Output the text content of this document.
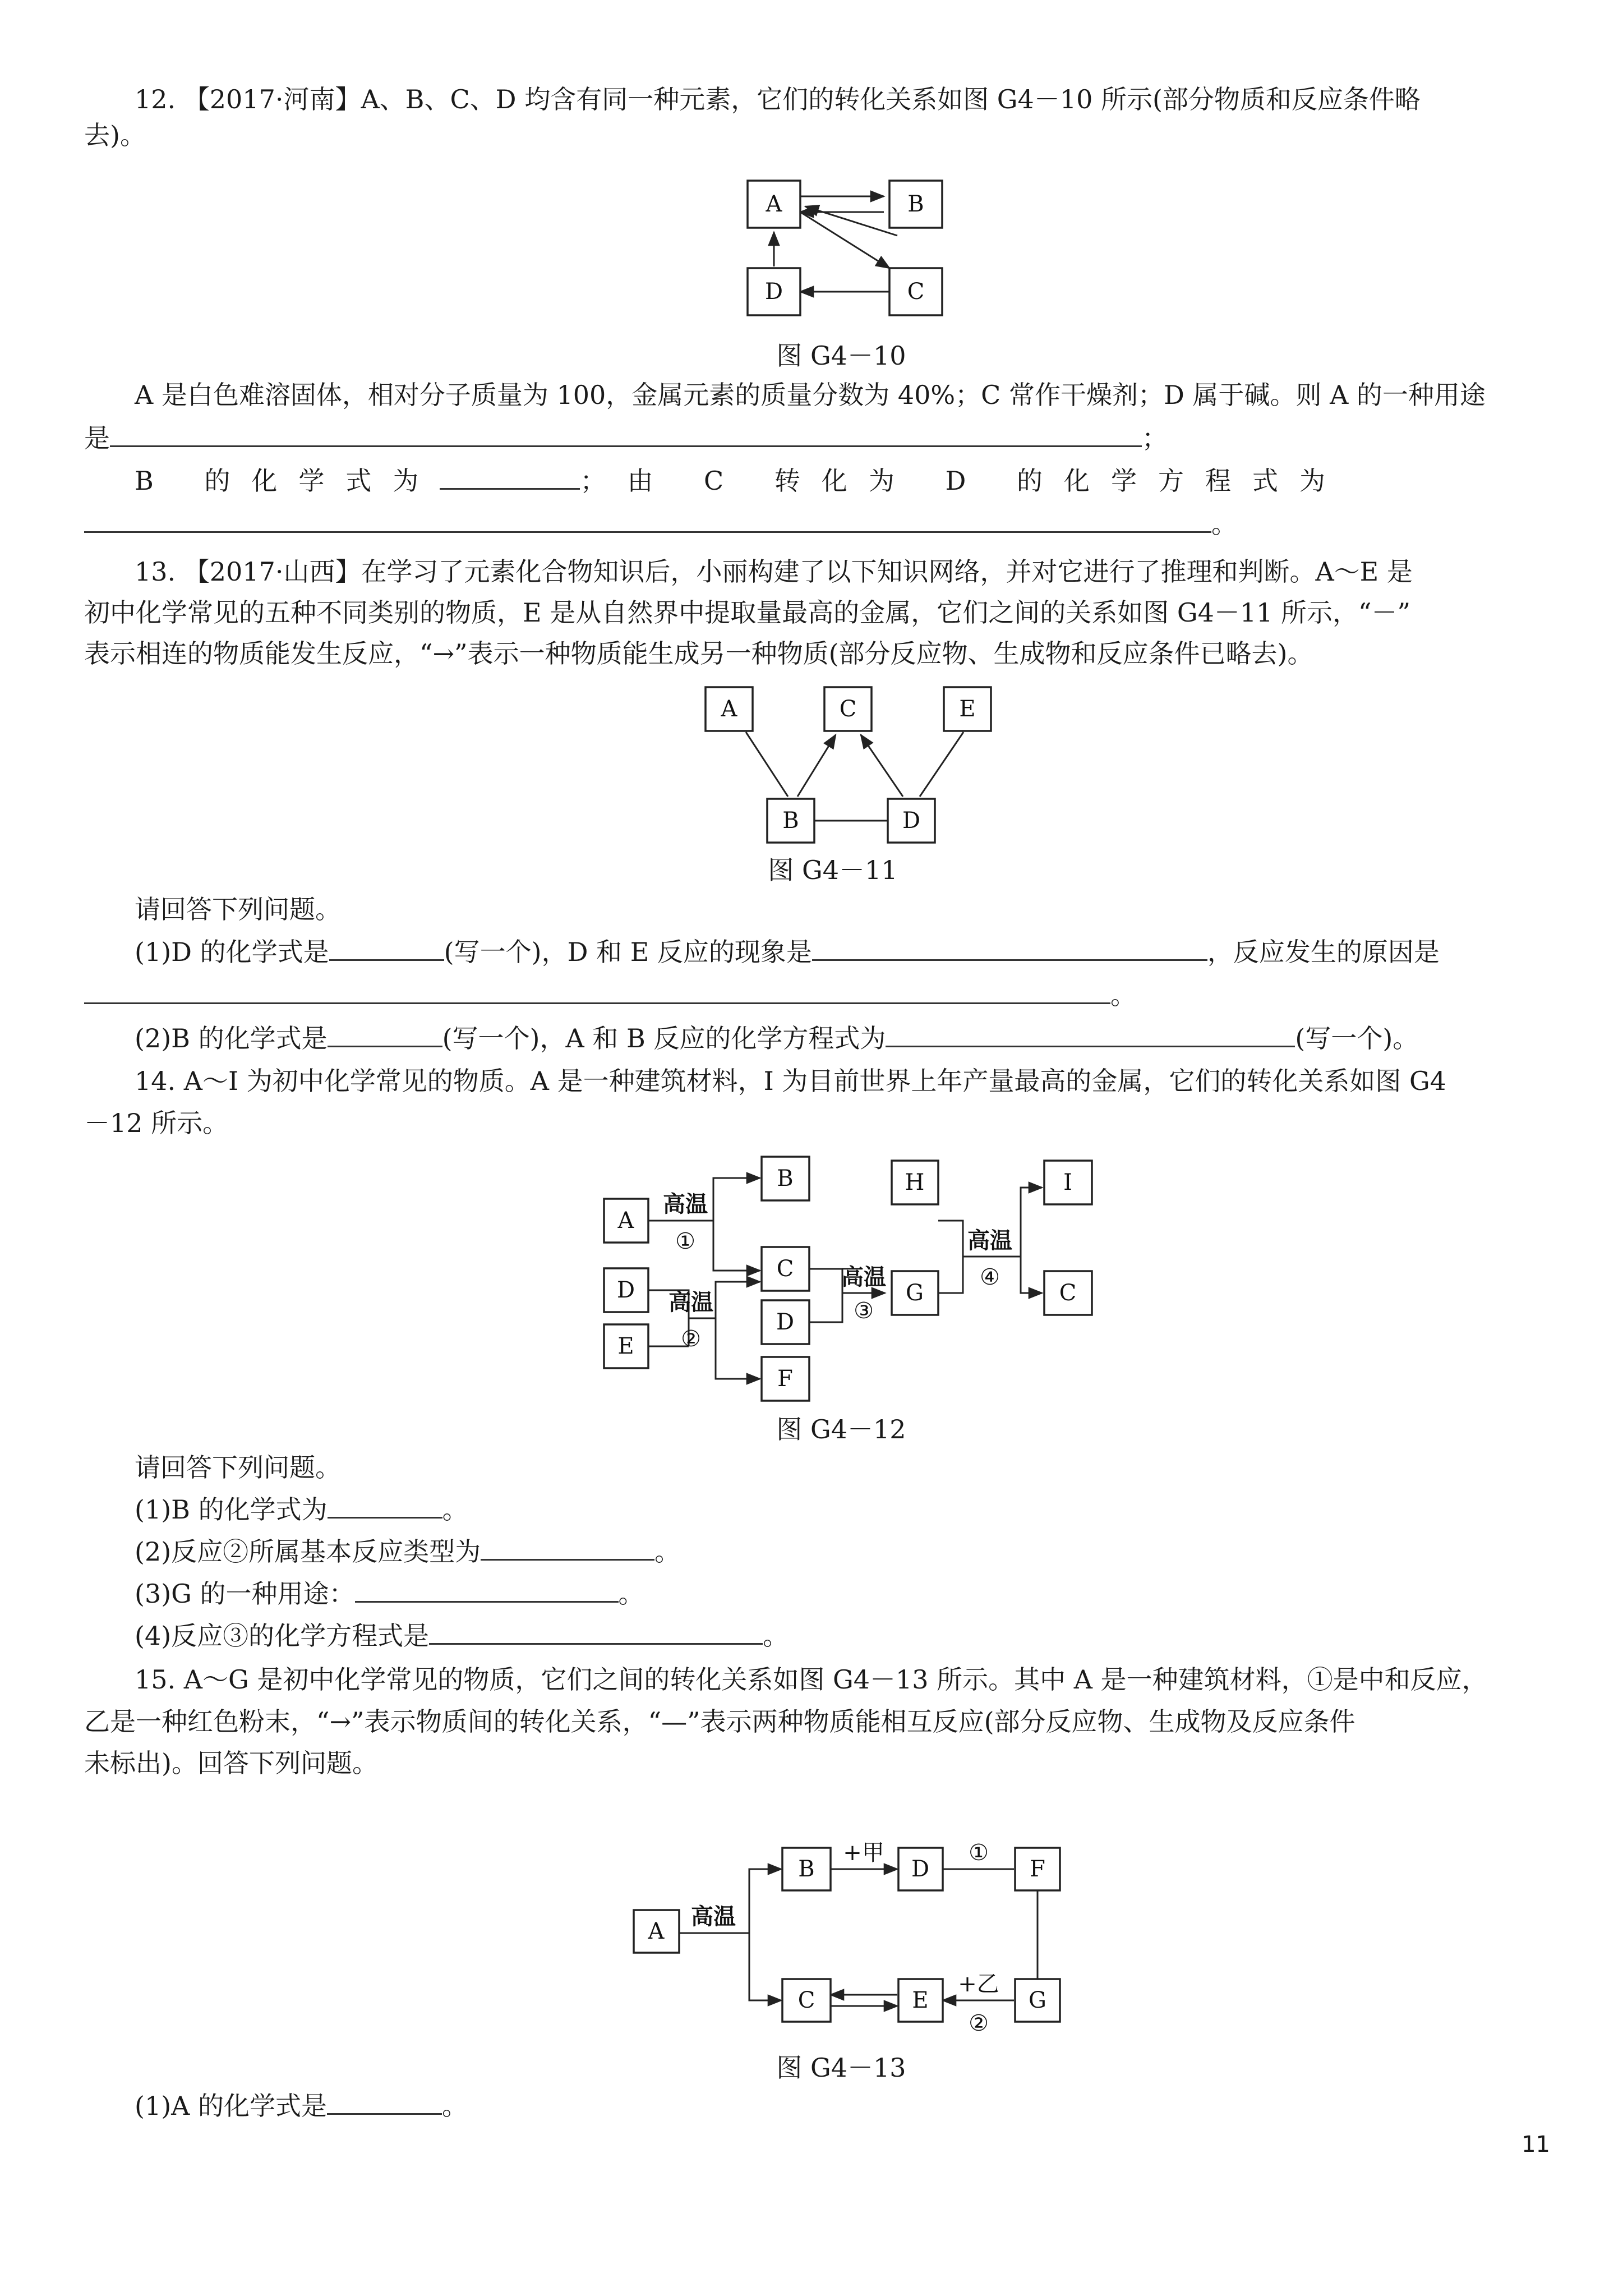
12. 【2017·河南】A、B、C、D 均含有同一种元素，它们的转化关系如图 G4－10 所示(部分物质和反应条件略
去)。
A	B
D	C
A	C	E
B	D
高温
①
高温
②
高温
③
高温
④
A
B
D
E
C
D
F
G
H	I
C
高温
+甲	①
+乙
②
A
B	D	F
C	E	G
图 G4－10
A 是白色难溶固体，相对分子质量为 100，金属元素的质量分数为 40%；C 常作干燥剂；D 属于碱。则 A 的一种用途
是	；
B 的化学式为	；由 C 转化为 D 的化学方程式为
。
13. 【2017·山西】在学习了元素化合物知识后，小丽构建了以下知识网络，并对它进行了推理和判断。A～E 是
初中化学常见的五种不同类别的物质，E 是从自然界中提取量最高的金属，它们之间的关系如图 G4－11 所示，“－”
表示相连的物质能发生反应，“→”表示一种物质能生成另一种物质(部分反应物、生成物和反应条件已略去)。
图 G4－11
请回答下列问题。
(1)D 的化学式是	(写一个)，D 和 E 反应的现象是	，反应发生的原因是
。
(2)B 的化学式是	(写一个)，A 和 B 反应的化学方程式为	(写一个)。
14. A～I 为初中化学常见的物质。A 是一种建筑材料，I 为目前世界上年产量最高的金属，它们的转化关系如图 G4
－12 所示。
图 G4－12
请回答下列问题。
(1)B 的化学式为	。
(2)反应②所属基本反应类型为	。
(3)G 的一种用途：	。
(4)反应③的化学方程式是	。
15. A～G 是初中化学常见的物质，它们之间的转化关系如图 G4－13 所示。其中 A 是一种建筑材料，①是中和反应，
乙是一种红色粉末，“→”表示物质间的转化关系，“—”表示两种物质能相互反应(部分反应物、生成物及反应条件
未标出)。回答下列问题。
图 G4－13
(1)A 的化学式是	。
11
